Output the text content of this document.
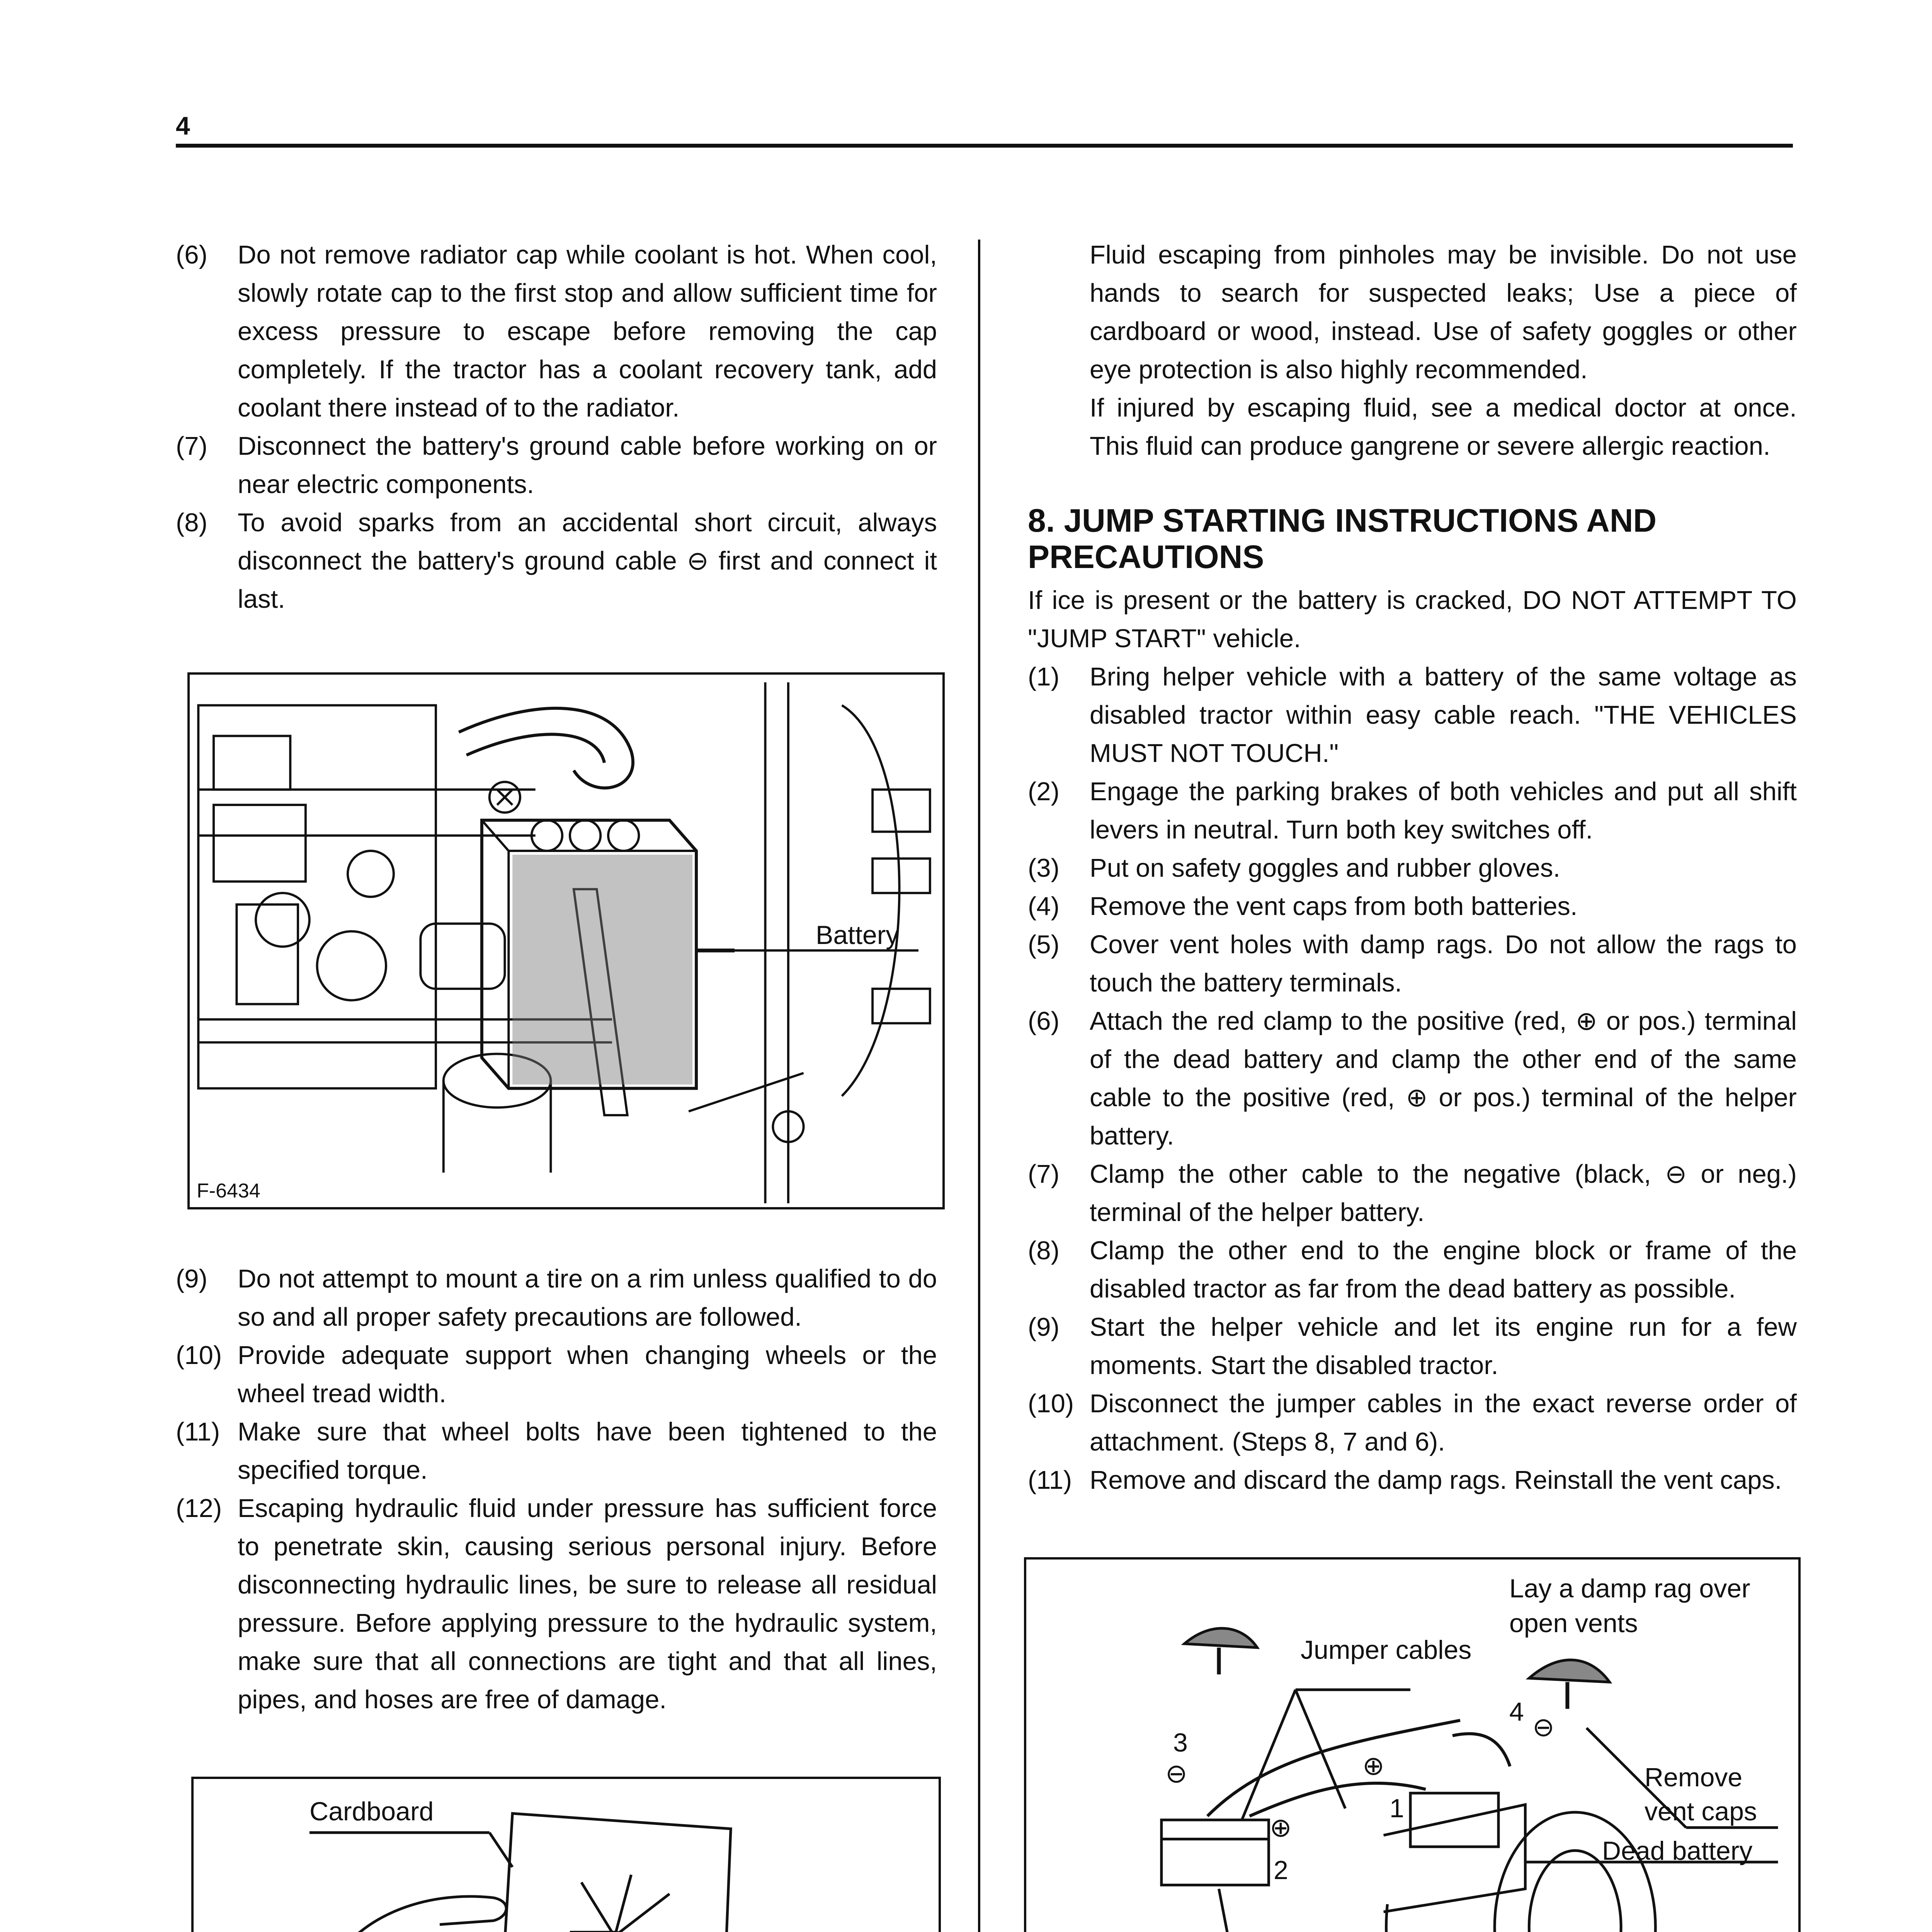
4
(6)	Do not remove radiator cap while coolant is hot. When cool, slowly rotate cap to the first stop and allow sufficient time for excess pressure to escape before removing the cap completely. If the tractor has a coolant recovery tank, add coolant there instead of to the radiator.
(7)	Disconnect the battery's ground cable before working on or near electric components.
(8)	To avoid sparks from an accidental short circuit, always disconnect the battery's ground cable ⊖ first and connect it last.
Battery
F-6434
(9)	Do not attempt to mount a tire on a rim unless qualified to do so and all proper safety precautions are followed.
(10) Provide adequate support when changing wheels or the wheel tread width.
(11) Make sure that wheel bolts have been tightened to the specified torque.
(12) Escaping hydraulic fluid under pressure has sufficient force to penetrate skin, causing serious personal injury. Before disconnecting hydraulic lines, be sure to release all residual pressure. Before applying pressure to the hydraulic system, make sure that all connections are tight and that all lines, pipes, and hoses are free of damage.
Cardboard

Fluid escaping from pinholes may be invisible. Do not use hands to search for suspected leaks; Use a piece of cardboard or wood, instead. Use of safety goggles or other eye protection is also highly recommended.

If injured by escaping fluid, see a medical doctor at once. This fluid can produce gangrene or severe allergic reaction.

8. JUMP STARTING INSTRUCTIONS AND PRECAUTIONS

If ice is present or the battery is cracked, DO NOT ATTEMPT TO "JUMP START" vehicle.

(1)	Bring helper vehicle with a battery of the same voltage as disabled tractor within easy cable reach. "THE VEHICLES MUST NOT TOUCH."
(2)	Engage the parking brakes of both vehicles and put all shift levers in neutral. Turn both key switches off.
(3)	Put on safety goggles and rubber gloves.
(4)	Remove the vent caps from both batteries.
(5)	Cover vent holes with damp rags. Do not allow the rags to touch the battery terminals.
(6)	Attach the red clamp to the positive (red, ⊕ or pos.) terminal of the dead battery and clamp the other end of the same cable to the positive (red, ⊕ or pos.) terminal of the helper battery.
(7)	Clamp the other cable to the negative (black, ⊖ or neg.) terminal of the helper battery.
(8)	Clamp the other end to the engine block or frame of the disabled tractor as far from the dead battery as possible.
(9)	Start the helper vehicle and let its engine run for a few moments. Start the disabled tractor.
(10) Disconnect the jumper cables in the exact reverse order of attachment. (Steps 8, 7 and 6).
(11) Remove and discard the damp rags. Reinstall the vent caps.
Lay a damp rag over open vents
Jumper cables
Remove vent caps
Dead battery
1
2
3
4
⊕
⊕
⊖
⊖
